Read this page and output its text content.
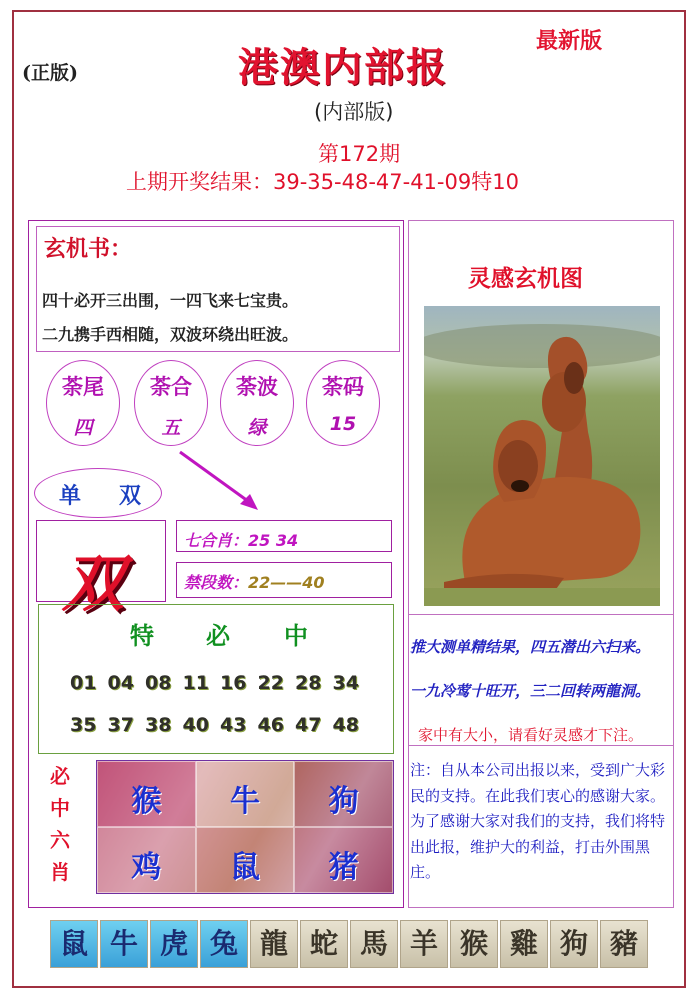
(正版)	港澳内部报
最新版
(内部版)
第172期
上期开奖结果：39-35-48-47-41-09特10
玄机书：
四十必开三出围，一四飞来七宝贵。
二九携手西相随，双波环绕出旺波。
荼尾
四
荼合
五
荼波
绿
荼码
15
单 双
双
七合肖：25 34
禁段数：22——40
特 必 中
01 04 08 11 16 22 28 34
35 37 38 40 43 46 47 48
必
中
六
肖
猴	牛	狗
鸡	鼠	猪
灵感玄机图
推大测单精结果，四五潜出六扫来。
一九冷莺十旺开，三二回转两龍洞。
家中有大小，请看好灵感才下注。
注：自从本公司出报以来，受到广大彩民的支持。在此我们衷心的感谢大家。为了感谢大家对我们的支持，我们将特出此报，维护大的利益，打击外围黑庄。
鼠 牛 虎 兔 龍 蛇 馬 羊 猴 雞 狗 豬
